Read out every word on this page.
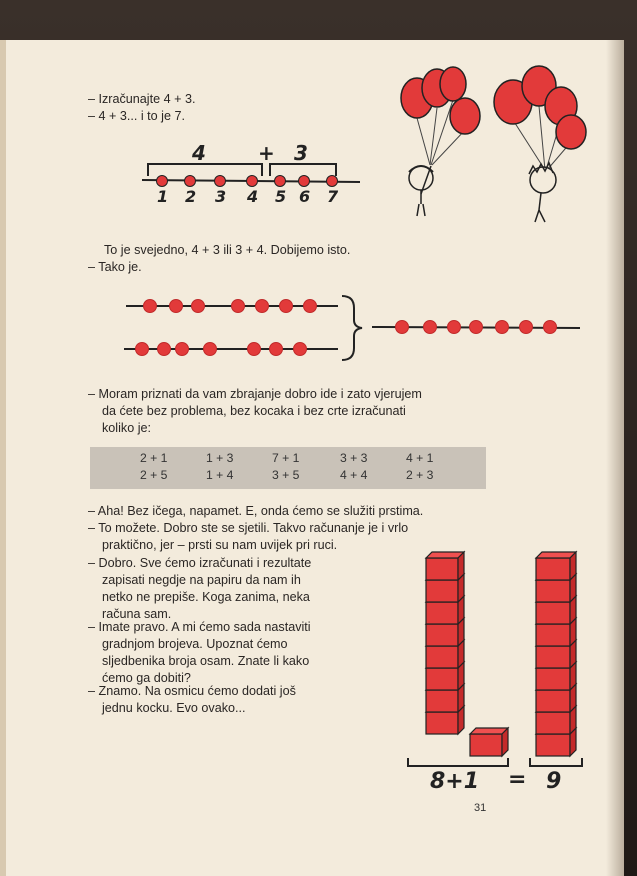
– Izračunajte 4 + 3.
– 4 + 3... i to je 7.
4	+ 3
1 2 3 4 5 6 7
To je svejedno, 4 + 3 ili 3 + 4. Dobijemo isto.
– Tako je.
– Moram priznati da vam zbrajanje dobro ide i zato vjerujem
da ćete bez problema, bez kocaka i bez crte izračunati
koliko je:
2 + 1	1 + 3	7 + 1	3 + 3	4 + 1
2 + 5	1 + 4	3 + 5	4 + 4	2 + 3
– Aha! Bez ičega, napamet. E, onda ćemo se služiti prstima.
– To možete. Dobro ste se sjetili. Takvo računanje je i vrlo
praktično, jer – prsti su nam uvijek pri ruci.
– Dobro. Sve ćemo izračunati i rezultate
zapisati negdje na papiru da nam ih
netko ne prepiše. Koga zanima, neka
računa sam.
– Imate pravo. A mi ćemo sada nastaviti
gradnjom brojeva. Upoznat ćemo
sljedbenika broja osam. Znate li kako
ćemo ga dobiti?
– Znamo. Na osmicu ćemo dodati još
jednu kocku. Evo ovako...
8+1 = 9
31
